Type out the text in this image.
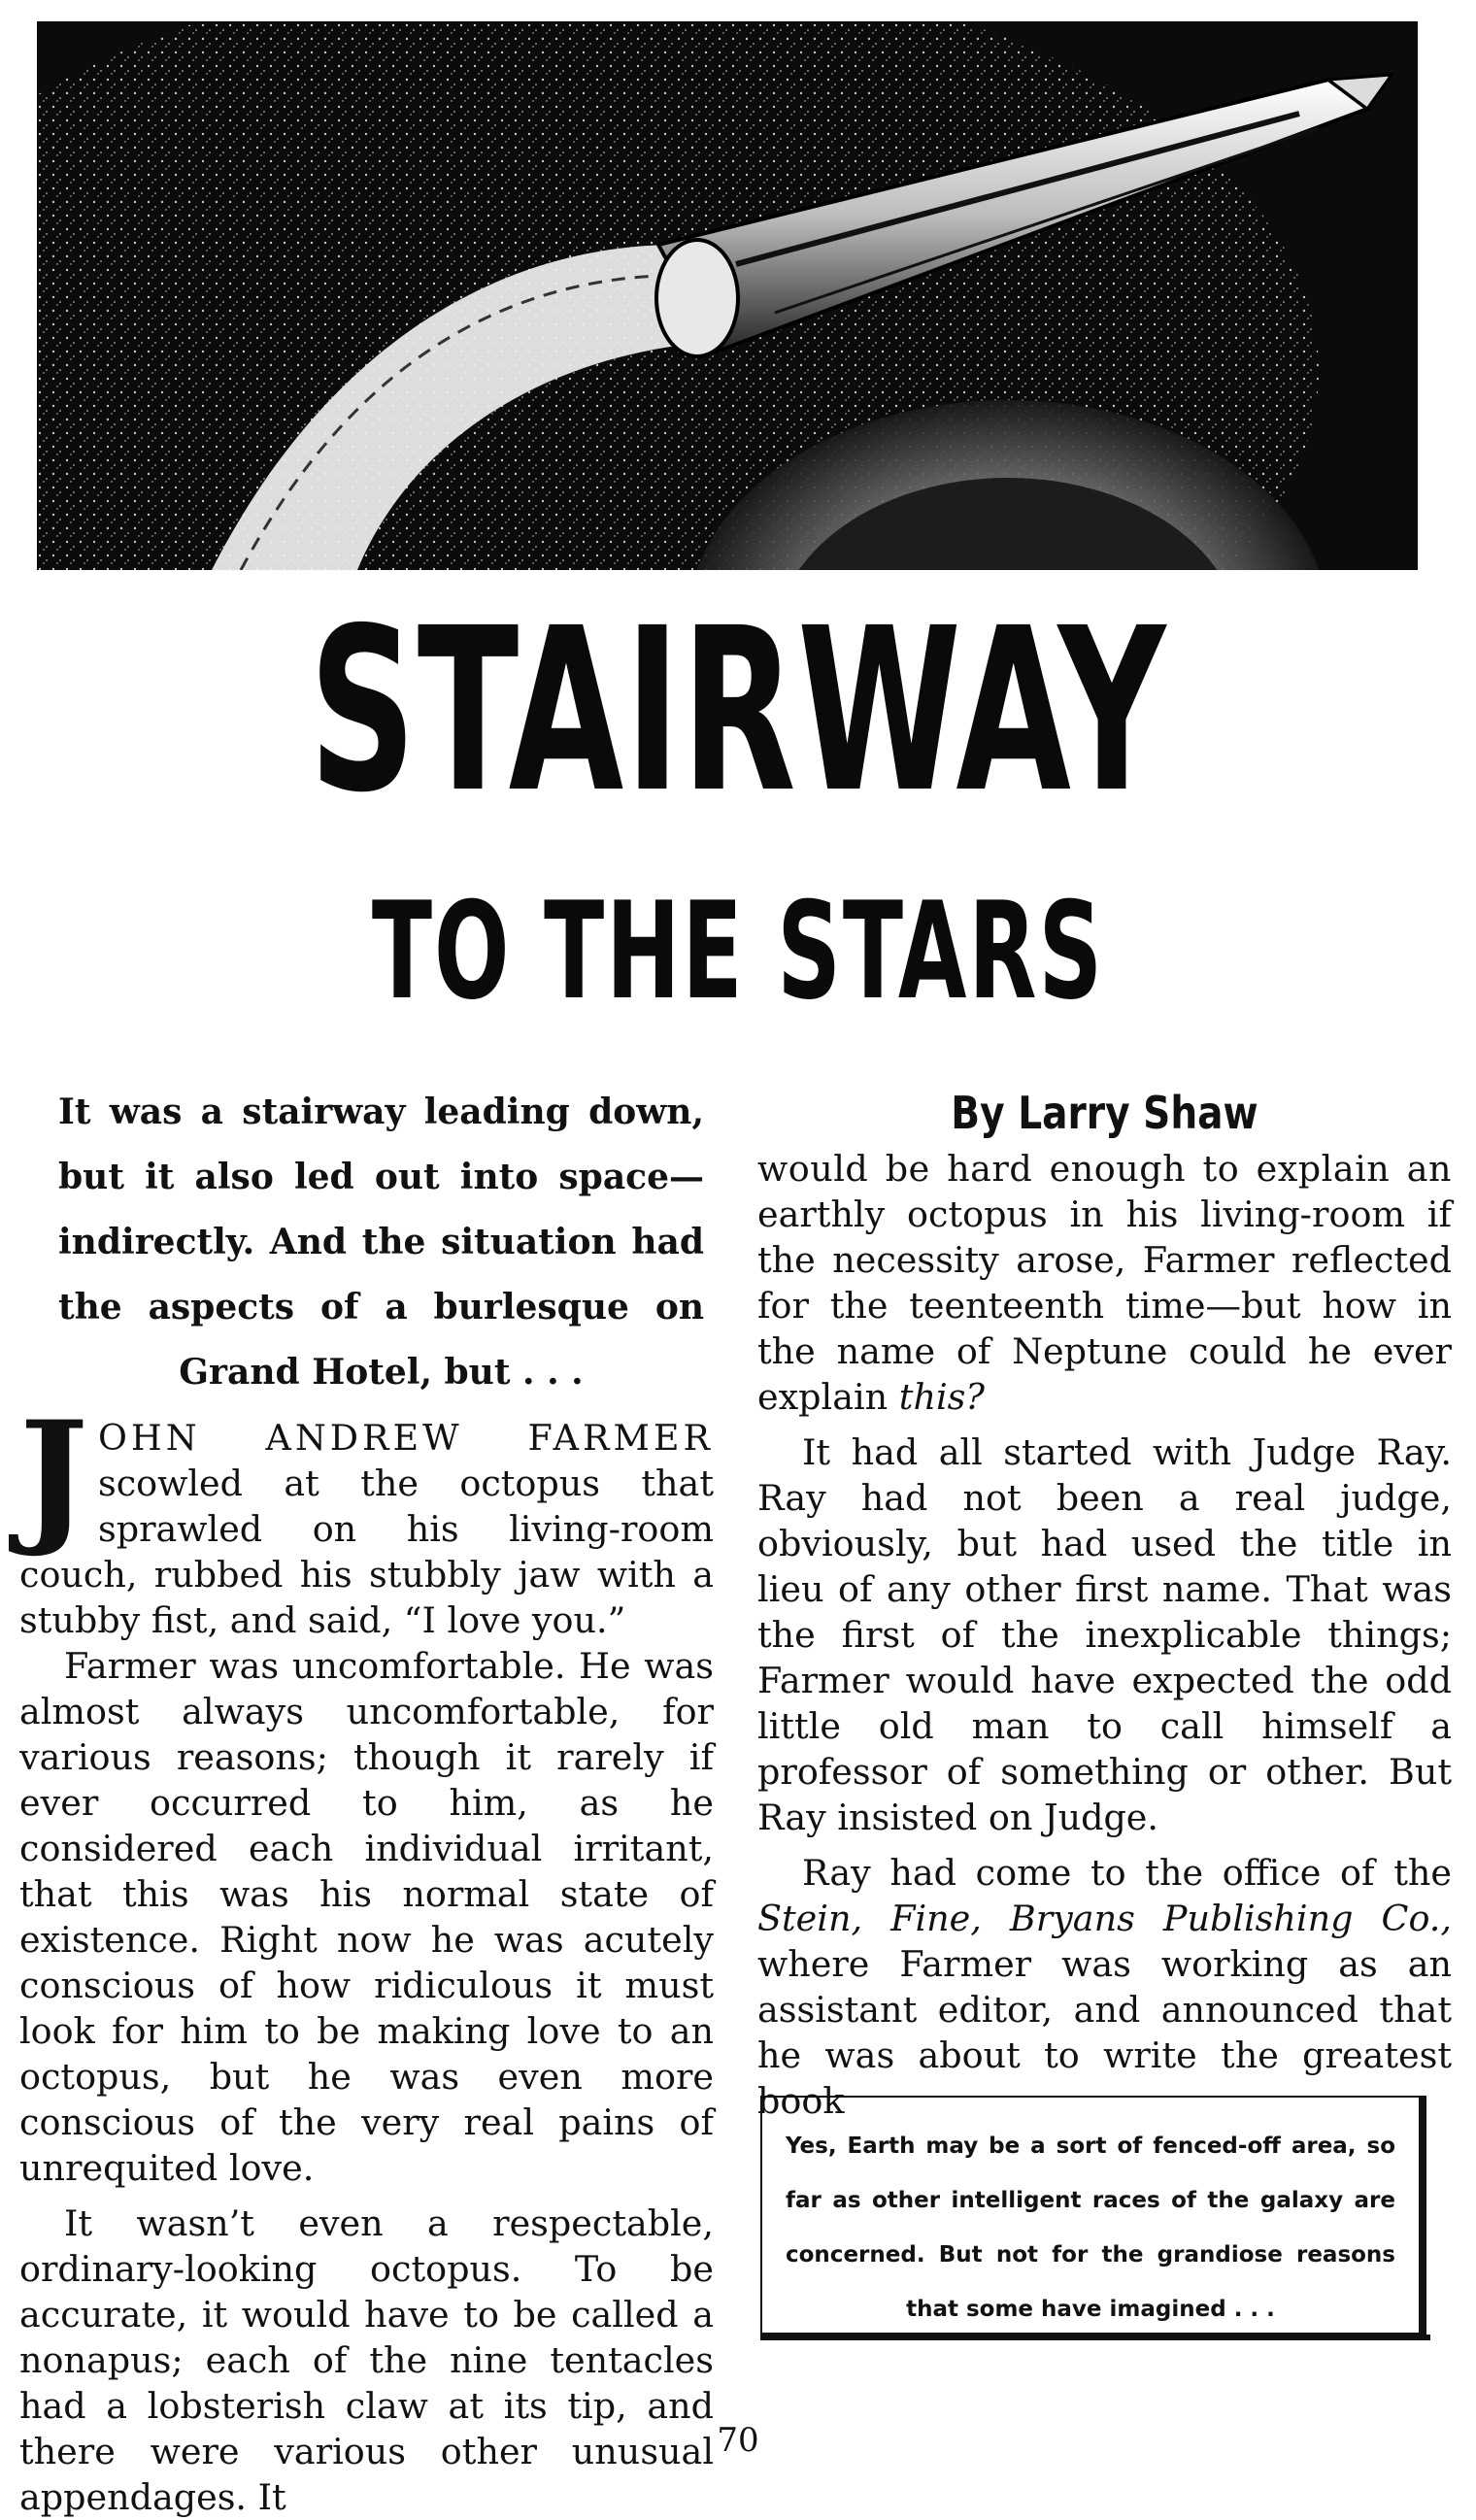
STAIRWAY
TO THE STARS

It was a stairway leading down, but it also led out into space—indirectly. And the situation had the aspects of a burlesque on Grand Hotel, but . . .

JOHN ANDREW FARMER scowled at the octopus that sprawled on his living-room couch, rubbed his stubbly jaw with a stubby fist, and said, “I love you.”

Farmer was uncomfortable. He was almost always uncomfortable, for various reasons; though it rarely if ever occurred to him, as he considered each individual irritant, that this was his normal state of existence. Right now he was acutely conscious of how ridiculous it must look for him to be making love to an octopus, but he was even more conscious of the very real pains of unrequited love.

It wasn’t even a respectable, ordinary-looking octopus. To be accurate, it would have to be called a nonapus; each of the nine tentacles had a lobsterish claw at its tip, and there were various other unusual appendages. It

By Larry Shaw

would be hard enough to explain an earthly octopus in his living-room if the necessity arose, Farmer reflected for the teenteenth time—but how in the name of Neptune could he ever explain this?

It had all started with Judge Ray. Ray had not been a real judge, obviously, but had used the title in lieu of any other first name. That was the first of the inexplicable things; Farmer would have expected the odd little old man to call himself a professor of something or other. But Ray insisted on Judge.

Ray had come to the office of the Stein, Fine, Bryans Publishing Co., where Farmer was working as an assistant editor, and announced that he was about to write the greatest book

Yes, Earth may be a sort of fenced-off area, so far as other intelligent races of the galaxy are concerned. But not for the grandiose reasons that some have imagined . . .
70
